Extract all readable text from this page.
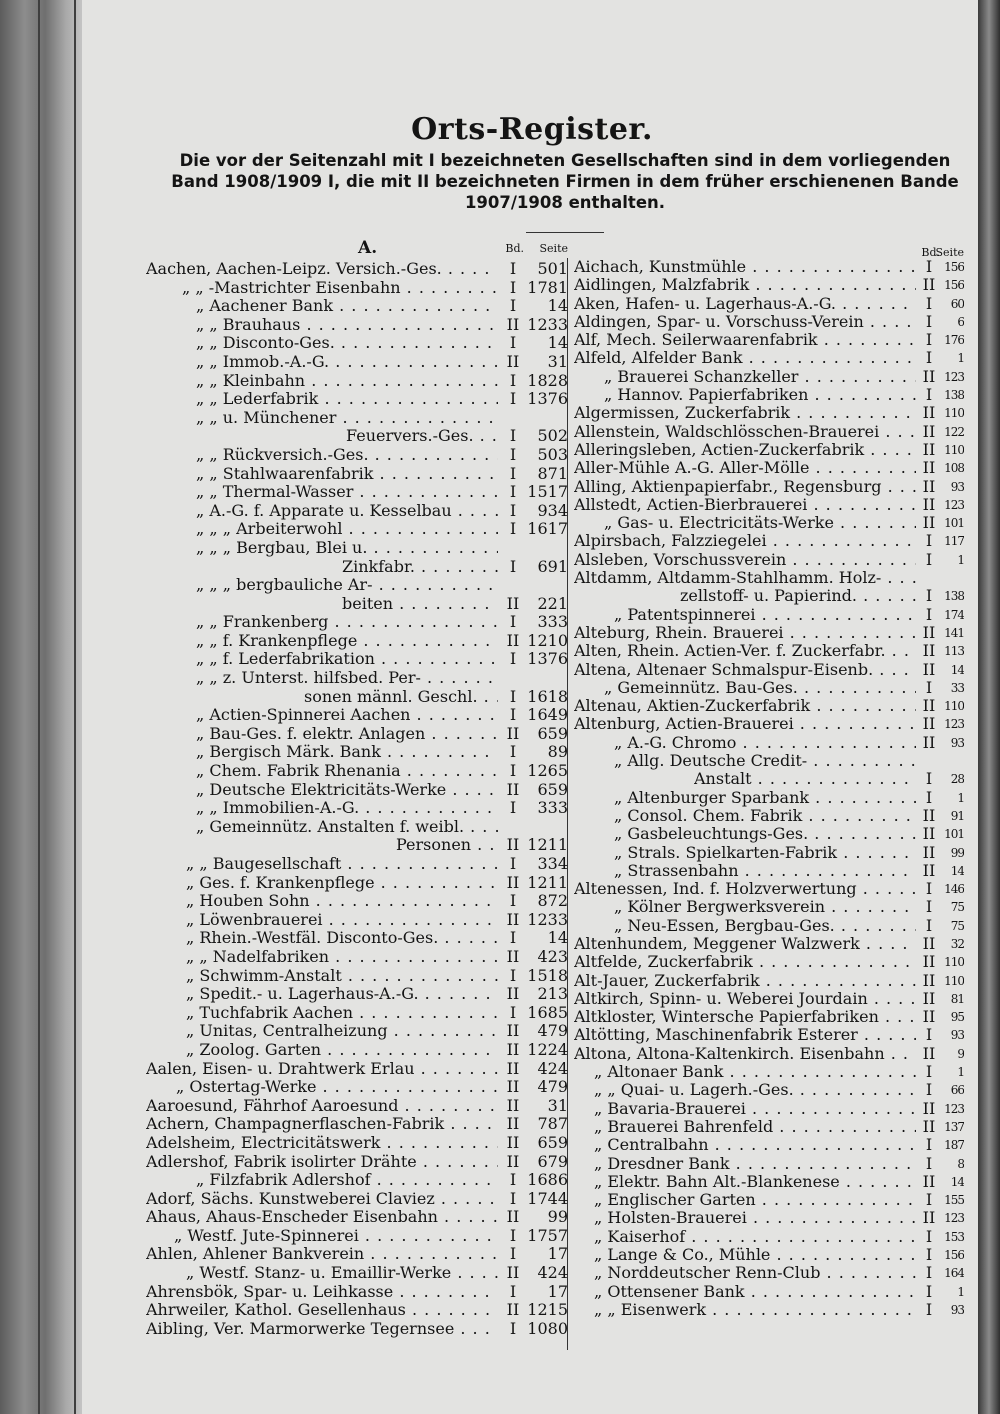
Orts-Register.
Die vor der Seitenzahl mit I bezeichneten Gesellschaften sind in dem vorliegenden Band 1908/1909 I, die mit II bezeichneten Firmen in dem früher erschienenen Bande 1907/1908 enthalten.
A.	Bd. Seite
Aachen, Aachen-Leipz. Versich.-Ges. . . .	I	501
„ „ -Mastrichter Eisenbahn . . .	I 1781
„ Aachener Bank . . .	I	14
„ „ Brauhaus . . .	II 1233
„ „ Disconto-Ges. . . .	I	14
„ „ Immob.-A.-G. . . .	II	31
„ „ Kleinbahn . . .	I 1828
„ „ Lederfabrik . . .	I 1376
„ „ u. Münchener . . .
Feuervers.-Ges. . . .	I	502
„ „ Rückversich.-Ges. . . .	I	503
„ „ Stahlwaarenfabrik . . .	I	871
„ „ Thermal-Wasser . . .	I 1517
„ A.-G. f. Apparate u. Kesselbau . . .	I	934
„ „ „ Arbeiterwohl . . .	I 1617
„ „ „ Bergbau, Blei u. . . .
Zinkfabr. . . .	I	691
„ „ „ bergbauliche Ar- . . .
beiten . . .	II	221
„ „ Frankenberg . . .	I	333
„ „ f. Krankenpflege . . .	II 1210
„ „ f. Lederfabrikation . . .	I 1376
„ „ z. Unterst. hilfsbed. Per- . . .
sonen männl. Geschl. . . .	I 1618
„ Actien-Spinnerei Aachen . . .	I 1649
„ Bau-Ges. f. elektr. Anlagen . . .	II	659
„ Bergisch Märk. Bank . . .	I	89
„ Chem. Fabrik Rhenania . . .	I 1265
„ Deutsche Elektricitäts-Werke . . .	II	659
„ „ Immobilien-A.-G. . . .	I	333
„ Gemeinnütz. Anstalten f. weibl. . . .
Personen . . .	II 1211
„ „ Baugesellschaft . . .	I	334
„ Ges. f. Krankenpflege . . .	II 1211
„ Houben Sohn . . .	I	872
„ Löwenbrauerei . . .	II 1233
„ Rhein.-Westfäl. Disconto-Ges. . . .	I	14
„ „ Nadelfabriken . . .	II	423
„ Schwimm-Anstalt . . .	I 1518
„ Spedit.- u. Lagerhaus-A.-G. . . .	II	213
„ Tuchfabrik Aachen . . .	I 1685
„ Unitas, Centralheizung . . .	II	479
„ Zoolog. Garten . . .	II 1224
Aalen, Eisen- u. Drahtwerk Erlau . . .	II	424
„ Ostertag-Werke . . .	II	479
Aaroesund, Fährhof Aaroesund . . .	II	31
Achern, Champagnerflaschen-Fabrik . . .	II	787
Adelsheim, Electricitätswerk . . .	II	659
Adlershof, Fabrik isolirter Drähte . . .	II	679
„ Filzfabrik Adlershof . . .	I 1686
Adorf, Sächs. Kunstweberei Claviez . . .	I 1744
Ahaus, Ahaus-Enscheder Eisenbahn . . .	II	99
„ Westf. Jute-Spinnerei . . .	I 1757
Ahlen, Ahlener Bankverein . . .	I	17
„ Westf. Stanz- u. Emaillir-Werke . . .	II	424
Ahrensbök, Spar- u. Leihkasse . . .	I	17
Ahrweiler, Kathol. Gesellenhaus . . .	II 1215
Aibling, Ver. Marmorwerke Tegernsee . . .	I 1080
Bd.
Seite
Aichach, Kunstmühle . . .	I 156
Aidlingen, Malzfabrik . . .	II 156
Aken, Hafen- u. Lagerhaus-A.-G. . . .	I	60
Aldingen, Spar- u. Vorschuss-Verein . . .	I	6
Alf, Mech. Seilerwaarenfabrik . . .	I 176
Alfeld, Alfelder Bank . . .	I	1
„ Brauerei Schanzkeller . . .	II 123
„ Hannov. Papierfabriken . . .	I 138
Algermissen, Zuckerfabrik . . .	II 110
Allenstein, Waldschlösschen-Brauerei . . .	II 122
Alleringsleben, Actien-Zuckerfabrik . . .	II 110
Aller-Mühle A.-G. Aller-Mölle . . .	II 108
Alling, Aktienpapierfabr., Regensburg . . .	II	93
Allstedt, Actien-Bierbrauerei . . .	II 123
„ Gas- u. Electricitäts-Werke . . .	II 101
Alpirsbach, Falzziegelei . . .	I 117
Alsleben, Vorschussverein . . .	I	1
Altdamm, Altdamm-Stahlhamm. Holz- . . .
zellstoff- u. Papierind. . . .	I 138
„ Patentspinnerei . . .	I 174
Alteburg, Rhein. Brauerei . . .	II 141
Alten, Rhein. Actien-Ver. f. Zuckerfabr. . . .	II 113
Altena, Altenaer Schmalspur-Eisenb. . . .	II	14
„ Gemeinnütz. Bau-Ges. . . .	I	33
Altenau, Aktien-Zuckerfabrik . . .	II 110
Altenburg, Actien-Brauerei . . .	II 123
„ A.-G. Chromo . . .	II	93
„ Allg. Deutsche Credit- . . .
Anstalt . . .	I	28
„ Altenburger Sparbank . . .	I	1
„ Consol. Chem. Fabrik . . .	II	91
„ Gasbeleuchtungs-Ges. . . .	II 101
„ Strals. Spielkarten-Fabrik . . .	II	99
„ Strassenbahn . . .	II	14
Altenessen, Ind. f. Holzverwertung . . .	I 146
„ Kölner Bergwerksverein . . .	I	75
„ Neu-Essen, Bergbau-Ges. . . .	I	75
Altenhundem, Meggener Walzwerk . . .	II	32
Altfelde, Zuckerfabrik . . .	II 110
Alt-Jauer, Zuckerfabrik . . .	II 110
Altkirch, Spinn- u. Weberei Jourdain . . .	II	81
Altkloster, Wintersche Papierfabriken . . .	II	95
Altötting, Maschinenfabrik Esterer . . .	I	93
Altona, Altona-Kaltenkirch. Eisenbahn . . .	II	9
„ Altonaer Bank . . .	I	1
„ „ Quai- u. Lagerh.-Ges. . . .	I	66
„ Bavaria-Brauerei . . .	II 123
„ Brauerei Bahrenfeld . . .	II 137
„ Centralbahn . . .	I 187
„ Dresdner Bank . . .	I	8
„ Elektr. Bahn Alt.-Blankenese . . .	II	14
„ Englischer Garten . . .	I 155
„ Holsten-Brauerei . . .	II 123
„ Kaiserhof . . .	I 153
„ Lange & Co., Mühle . . .	I 156
„ Norddeutscher Renn-Club . . .	I 164
„ Ottensener Bank . . .	I	1
„ „ Eisenwerk . . .	I	93
